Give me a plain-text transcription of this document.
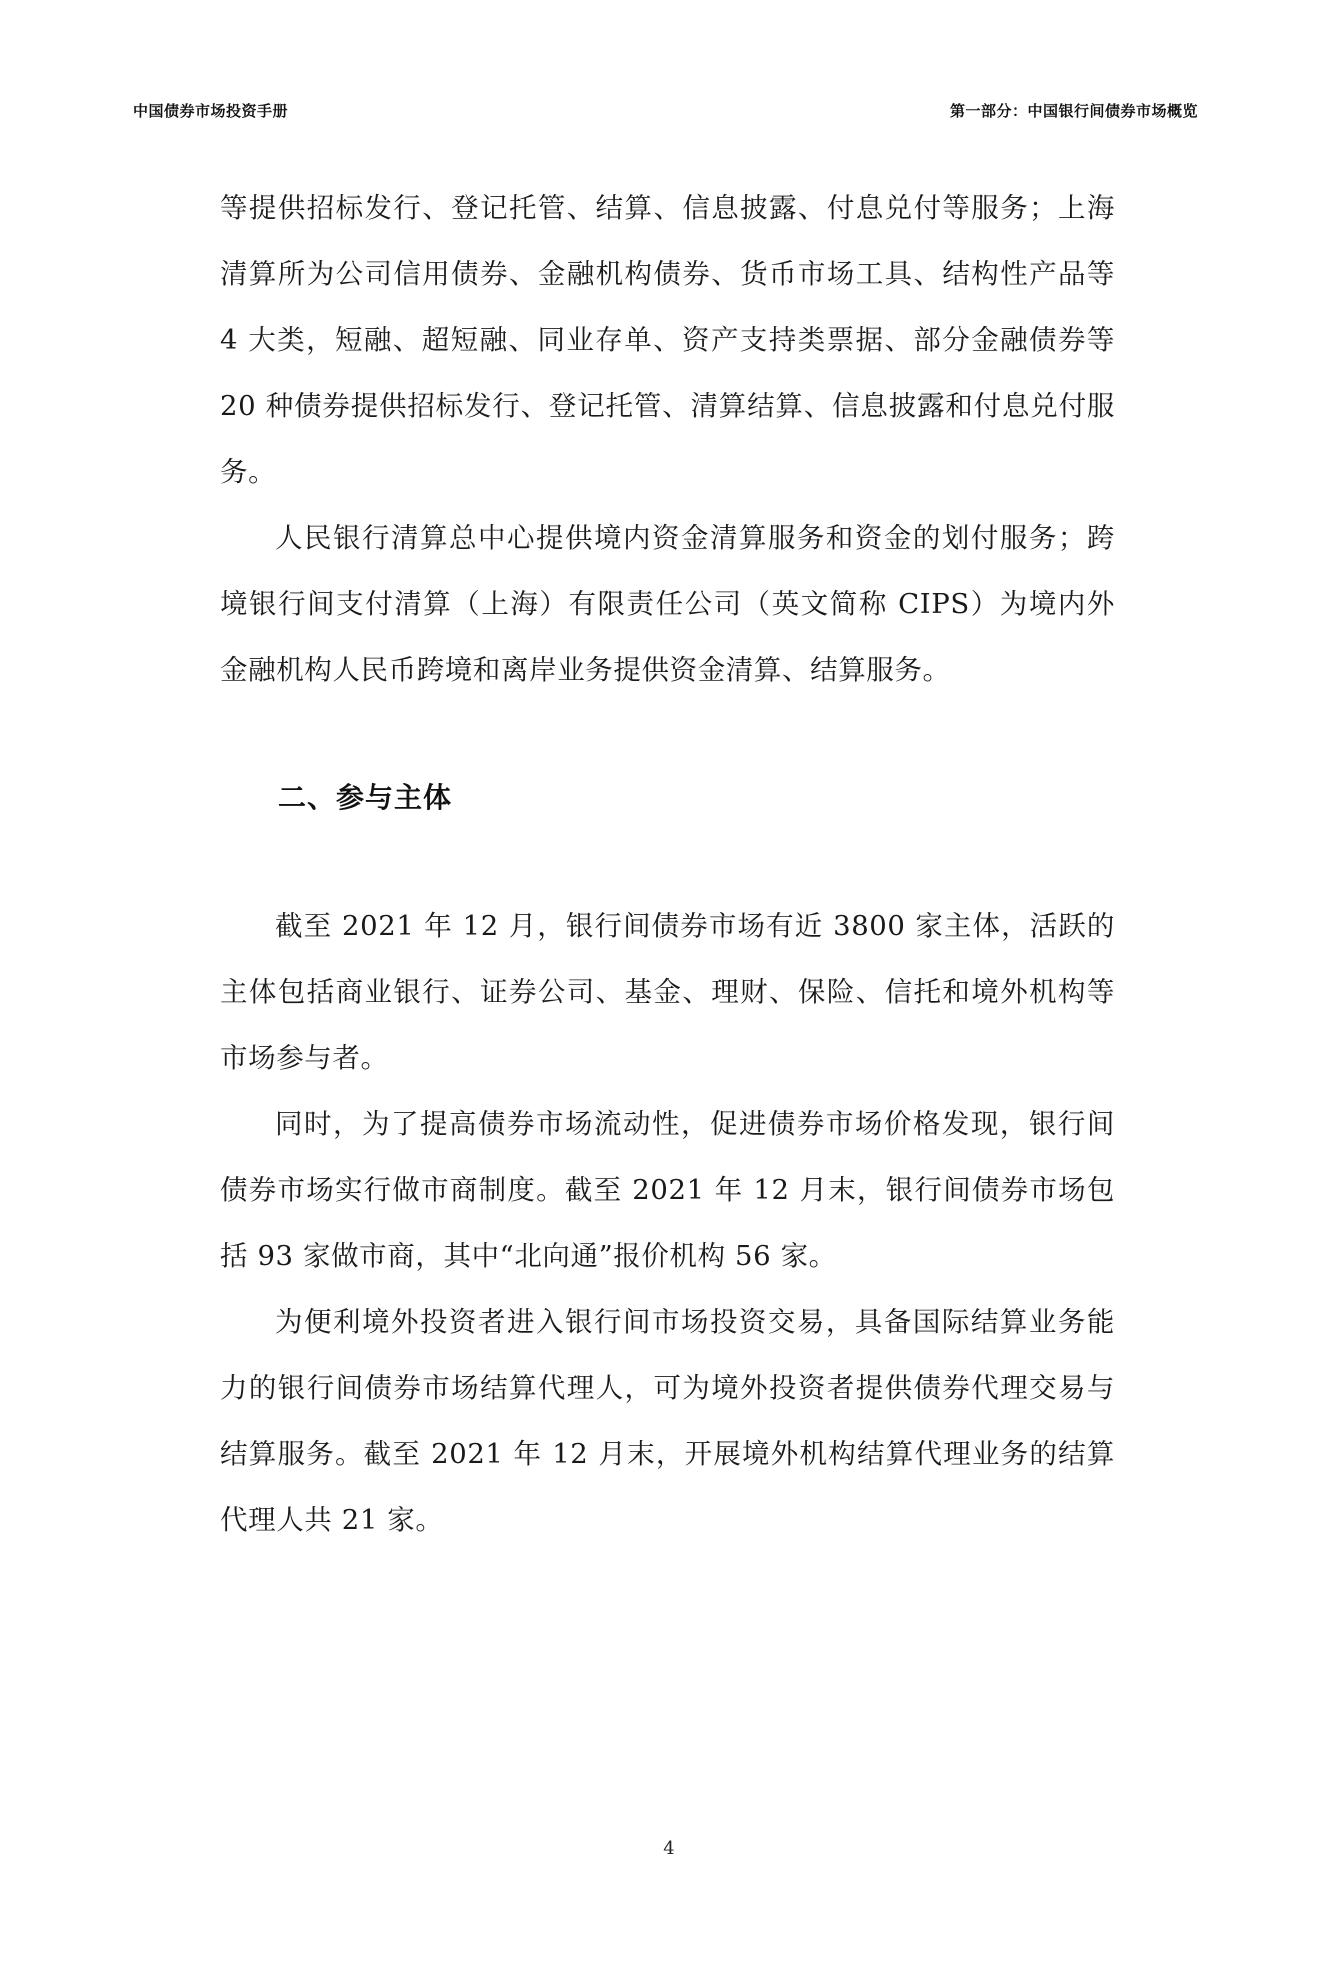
中国债券市场投资手册	第一部分：中国银行间债券市场概览

等提供招标发行、登记托管、结算、信息披露、付息兑付等服务；上海清算所为公司信用债券、金融机构债券、货币市场工具、结构性产品等 4 大类，短融、超短融、同业存单、资产支持类票据、部分金融债券等 20 种债券提供招标发行、登记托管、清算结算、信息披露和付息兑付服务。

人民银行清算总中心提供境内资金清算服务和资金的划付服务；跨境银行间支付清算（上海）有限责任公司（英文简称 CIPS）为境内外金融机构人民币跨境和离岸业务提供资金清算、结算服务。

二、参与主体

截至 2021 年 12 月，银行间债券市场有近 3800 家主体，活跃的主体包括商业银行、证券公司、基金、理财、保险、信托和境外机构等市场参与者。

同时，为了提高债券市场流动性，促进债券市场价格发现，银行间债券市场实行做市商制度。截至 2021 年 12 月末，银行间债券市场包括 93 家做市商，其中“北向通”报价机构 56 家。

为便利境外投资者进入银行间市场投资交易，具备国际结算业务能力的银行间债券市场结算代理人，可为境外投资者提供债券代理交易与结算服务。截至 2021 年 12 月末，开展境外机构结算代理业务的结算代理人共 21 家。

4
